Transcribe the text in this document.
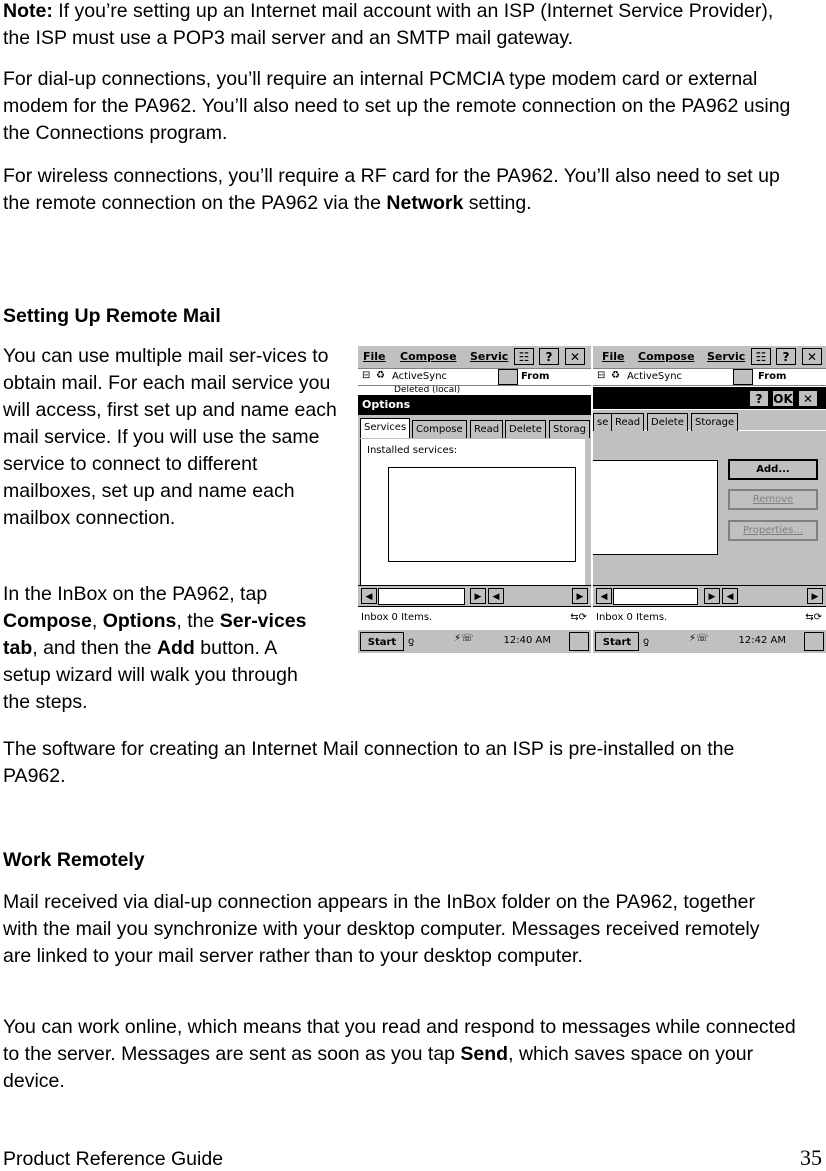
Note: If you’re setting up an Internet mail account with an ISP (Internet Service Provider), the ISP must use a POP3 mail server and an SMTP mail gateway.

For dial-up connections, you’ll require an internal PCMCIA type modem card or external modem for the PA962. You’ll also need to set up the remote connection on the PA962 using the Connections program.

For wireless connections, you’ll require a RF card for the PA962. You’ll also need to set up the remote connection on the PA962 via the Network setting.

Setting Up Remote Mail

You can use multiple mail ser-vices to obtain mail. For each mail service you will access, first set up and name each mail service. If you will use the same service to connect to different mailboxes, set up and name each mailbox connection.

In the InBox on the PA962, tap Compose, Options, the Ser-vices tab, and then the Add button. A setup wizard will walk you through the steps.

The software for creating an Internet Mail connection to an ISP is pre-installed on the PA962.

Work Remotely

Mail received via dial-up connection appears in the InBox folder on the PA962, together with the mail you synchronize with your desktop computer. Messages received remotely are linked to your mail server rather than to your desktop computer.

You can work online, which means that you read and respond to messages while connected to the server. Messages are sent as soon as you tap Send, which saves space on your device.

File Compose Servic ☷	?	✕
⊟ ♻ ActiveSync	From
Deleted (local)
Options
Services Compose	Read Delete	Storag
Installed services:
◀	▶	◀	▶
Inbox 0 Items.	⇆⟳
Start	ƍ	⚡☏	12:40 AM
File Compose Servic ☷	?	✕
⊟ ♻ ActiveSync	From
? OK ✕
se Read	Delete	Storage
Add...
Remove
Properties...
◀	▶	◀	▶
Inbox 0 Items.	⇆⟳
Start	ƍ	⚡☏	12:42 AM
Product Reference Guide	35
